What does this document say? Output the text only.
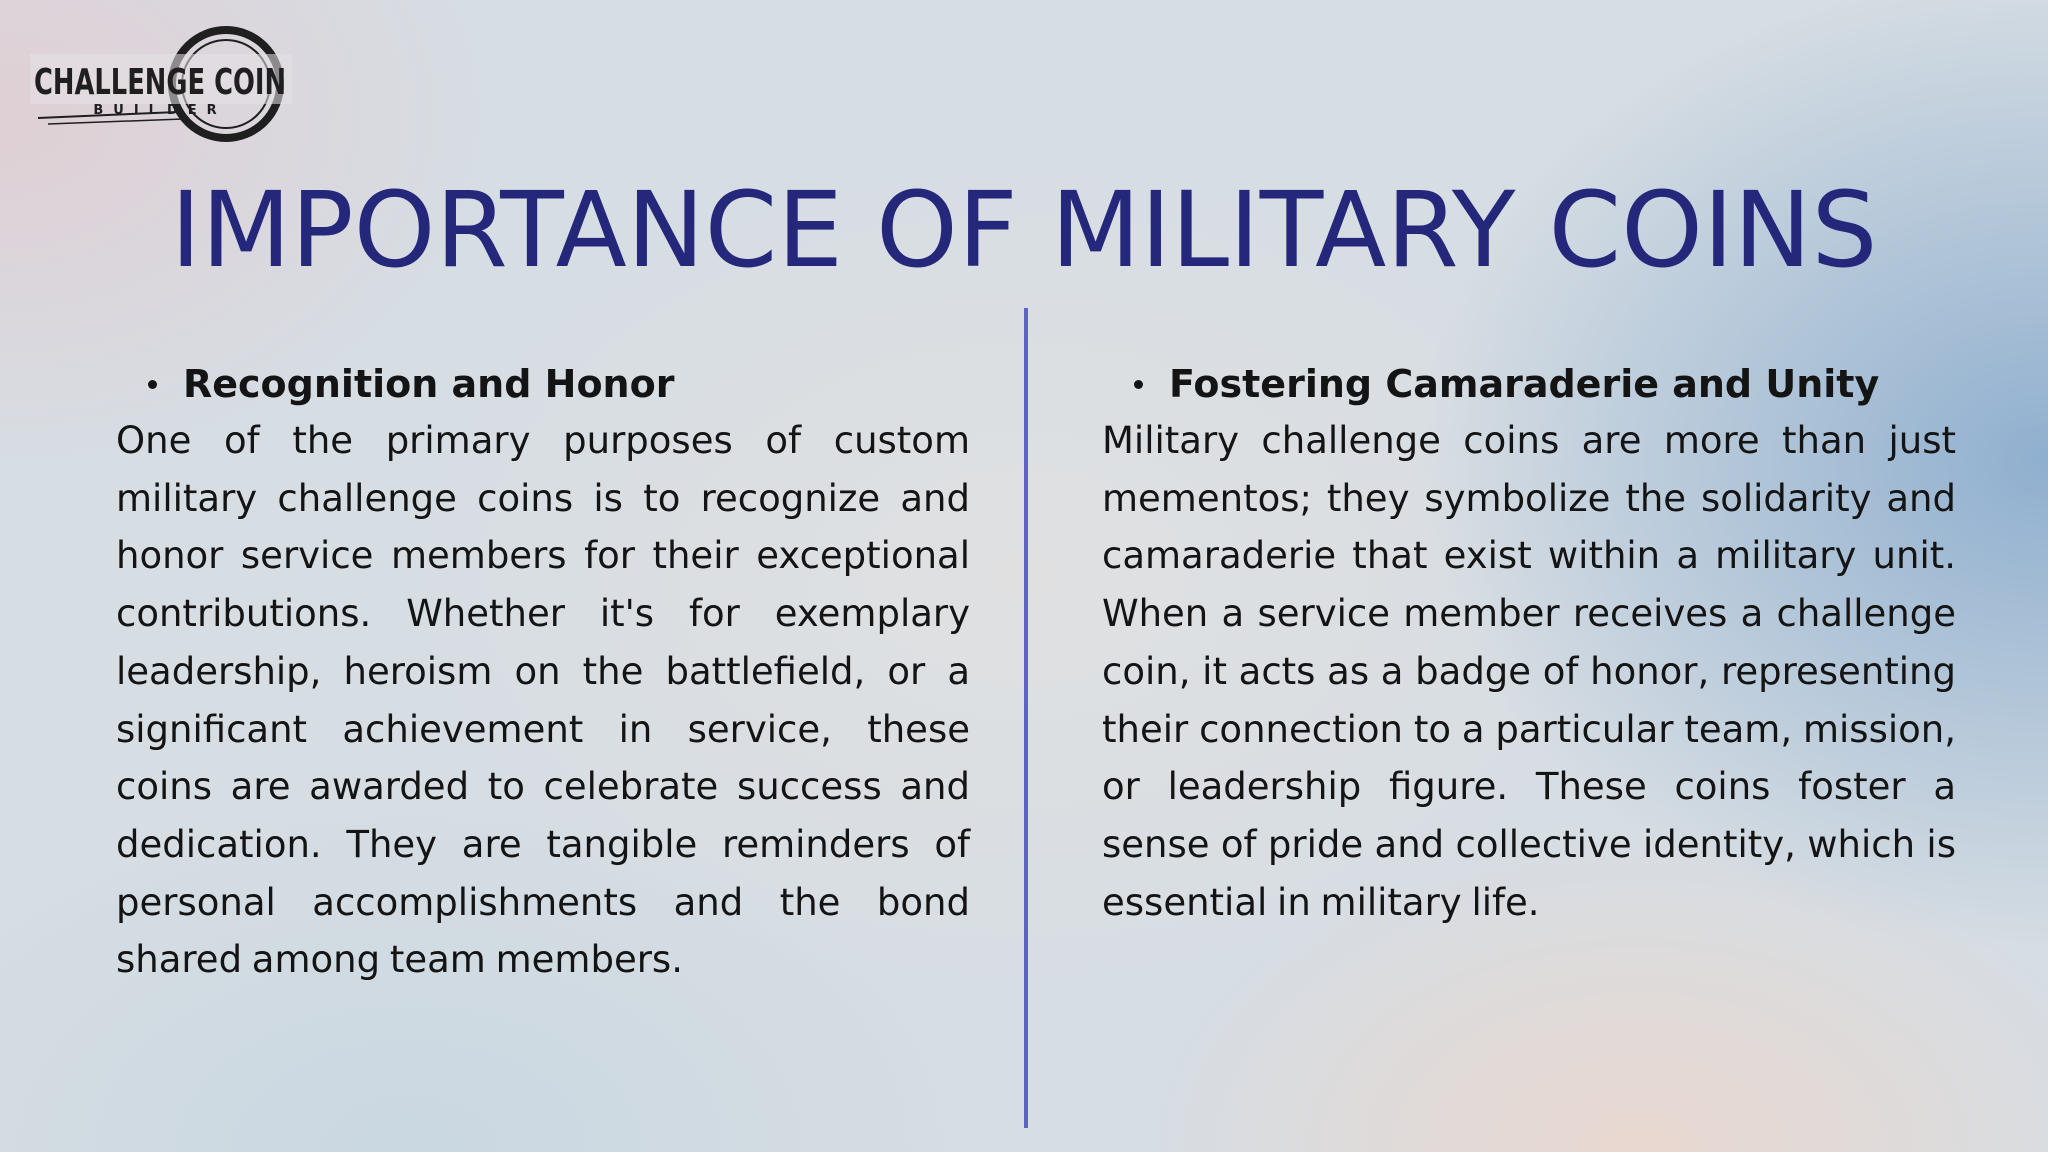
CHALLENGE COIN
BUILDER
IMPORTANCE OF MILITARY COINS
Recognition and Honor

One of the primary purposes of custom military challenge coins is to recognize and honor service members for their exceptional contributions. Whether it's for exemplary leadership, heroism on the battlefield, or a significant achievement in service, these coins are awarded to celebrate success and dedication. They are tangible reminders of personal accomplishments and the bond shared among team members.

Fostering Camaraderie and Unity

Military challenge coins are more than just mementos; they symbolize the solidarity and camaraderie that exist within a military unit. When a service member receives a challenge coin, it acts as a badge of honor, representing their connection to a particular team, mission, or leadership figure. These coins foster a sense of pride and collective identity, which is essential in military life.
